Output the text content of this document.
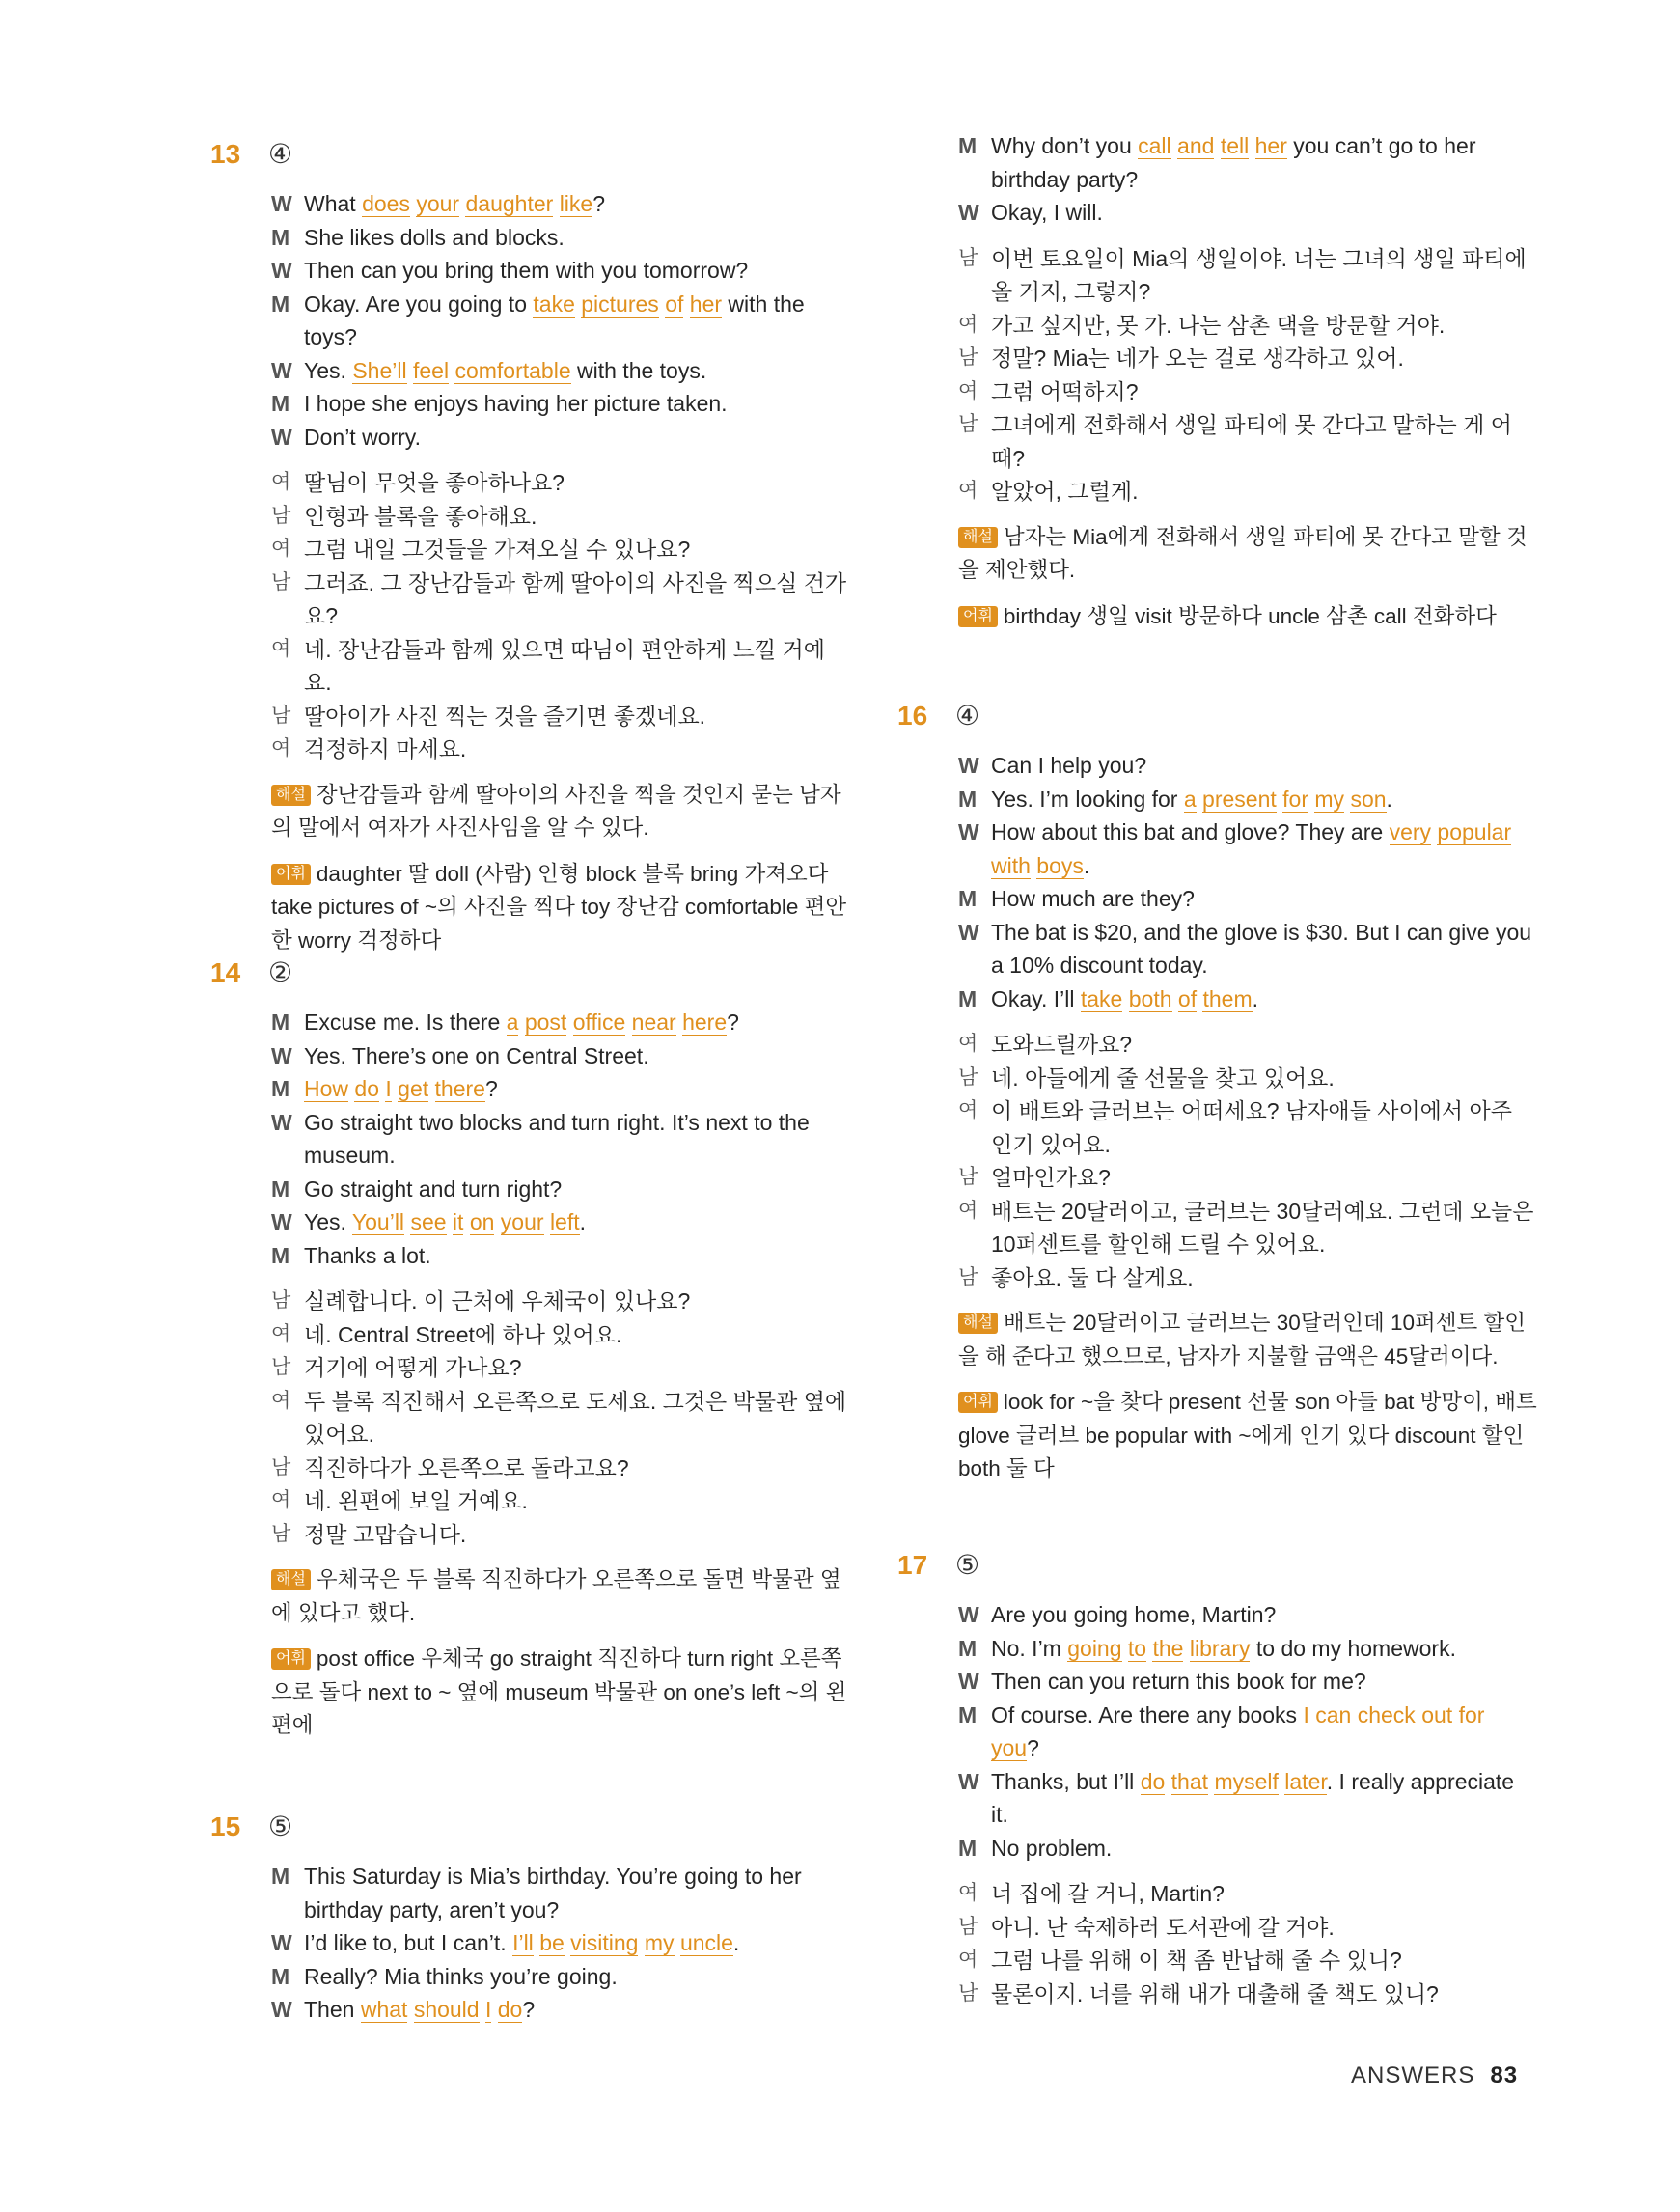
13 ④
W What does your daughter like?
M She likes dolls and blocks.
W Then can you bring them with you tomorrow?
M Okay. Are you going to take pictures of her with the toys?
W Yes. She’ll feel comfortable with the toys.
M I hope she enjoys having her picture taken.
W Don’t worry.
여 딸님이 무엇을 좋아하나요?
남 인형과 블록을 좋아해요.
여 그럼 내일 그것들을 가져오실 수 있나요?
남 그러죠. 그 장난감들과 함께 딸아이의 사진을 찍으실 건가요?
여 네. 장난감들과 함께 있으면 따님이 편안하게 느낄 거예요.
남 딸아이가 사진 찍는 것을 즐기면 좋겠네요.
여 걱정하지 마세요.
해설 장난감들과 함께 딸아이의 사진을 찍을 것인지 묻는 남자의 말에서 여자가 사진사임을 알 수 있다.
어휘 daughter 딸 doll (사람) 인형 block 블록 bring 가져오다 take pictures of ~의 사진을 찍다 toy 장난감 comfortable 편안한 worry 걱정하다
14 ②
M Excuse me. Is there a post office near here?
W Yes. There’s one on Central Street.
M How do I get there?
W Go straight two blocks and turn right. It’s next to the museum.
M Go straight and turn right?
W Yes. You’ll see it on your left.
M Thanks a lot.
남 실례합니다. 이 근처에 우체국이 있나요?
여 네. Central Street에 하나 있어요.
남 거기에 어떻게 가나요?
여 두 블록 직진해서 오른쪽으로 도세요. 그것은 박물관 옆에 있어요.
남 직진하다가 오른쪽으로 돌라고요?
여 네. 왼편에 보일 거예요.
남 정말 고맙습니다.
해설 우체국은 두 블록 직진하다가 오른쪽으로 돌면 박물관 옆에 있다고 했다.
어휘 post office 우체국 go straight 직진하다 turn right 오른쪽으로 돌다 next to ~ 옆에 museum 박물관 on one’s left ~의 왼편에
15 ⑤
M This Saturday is Mia’s birthday. You’re going to her birthday party, aren’t you?
W I’d like to, but I can’t. I’ll be visiting my uncle.
M Really? Mia thinks you’re going.
W Then what should I do?
M Why don’t you call and tell her you can’t go to her birthday party?
W Okay, I will.
남 이번 토요일이 Mia의 생일이야. 너는 그녀의 생일 파티에 올 거지, 그렇지?
여 가고 싶지만, 못 가. 나는 삼촌 댁을 방문할 거야.
남 정말? Mia는 네가 오는 걸로 생각하고 있어.
여 그럼 어떡하지?
남 그녀에게 전화해서 생일 파티에 못 간다고 말하는 게 어때?
여 알았어, 그럴게.
해설 남자는 Mia에게 전화해서 생일 파티에 못 간다고 말할 것을 제안했다.
어휘 birthday 생일 visit 방문하다 uncle 삼촌 call 전화하다
16 ④
W Can I help you?
M Yes. I’m looking for a present for my son.
W How about this bat and glove? They are very popular with boys.
M How much are they?
W The bat is $20, and the glove is $30. But I can give you a 10% discount today.
M Okay. I’ll take both of them.
여 도와드릴까요?
남 네. 아들에게 줄 선물을 찾고 있어요.
여 이 배트와 글러브는 어떠세요? 남자애들 사이에서 아주 인기 있어요.
남 얼마인가요?
여 배트는 20달러이고, 글러브는 30달러예요. 그런데 오늘은 10퍼센트를 할인해 드릴 수 있어요.
남 좋아요. 둘 다 살게요.
해설 배트는 20달러이고 글러브는 30달러인데 10퍼센트 할인을 해 준다고 했으므로, 남자가 지불할 금액은 45달러이다.
어휘 look for ~을 찾다 present 선물 son 아들 bat 방망이, 배트 glove 글러브 be popular with ~에게 인기 있다 discount 할인 both 둘 다
17 ⑤
W Are you going home, Martin?
M No. I’m going to the library to do my homework.
W Then can you return this book for me?
M Of course. Are there any books I can check out for you?
W Thanks, but I’ll do that myself later. I really appreciate it.
M No problem.
여 너 집에 갈 거니, Martin?
남 아니. 난 숙제하러 도서관에 갈 거야.
여 그럼 나를 위해 이 책 좀 반납해 줄 수 있니?
남 물론이지. 너를 위해 내가 대출해 줄 책도 있니?
ANSWERS 83
